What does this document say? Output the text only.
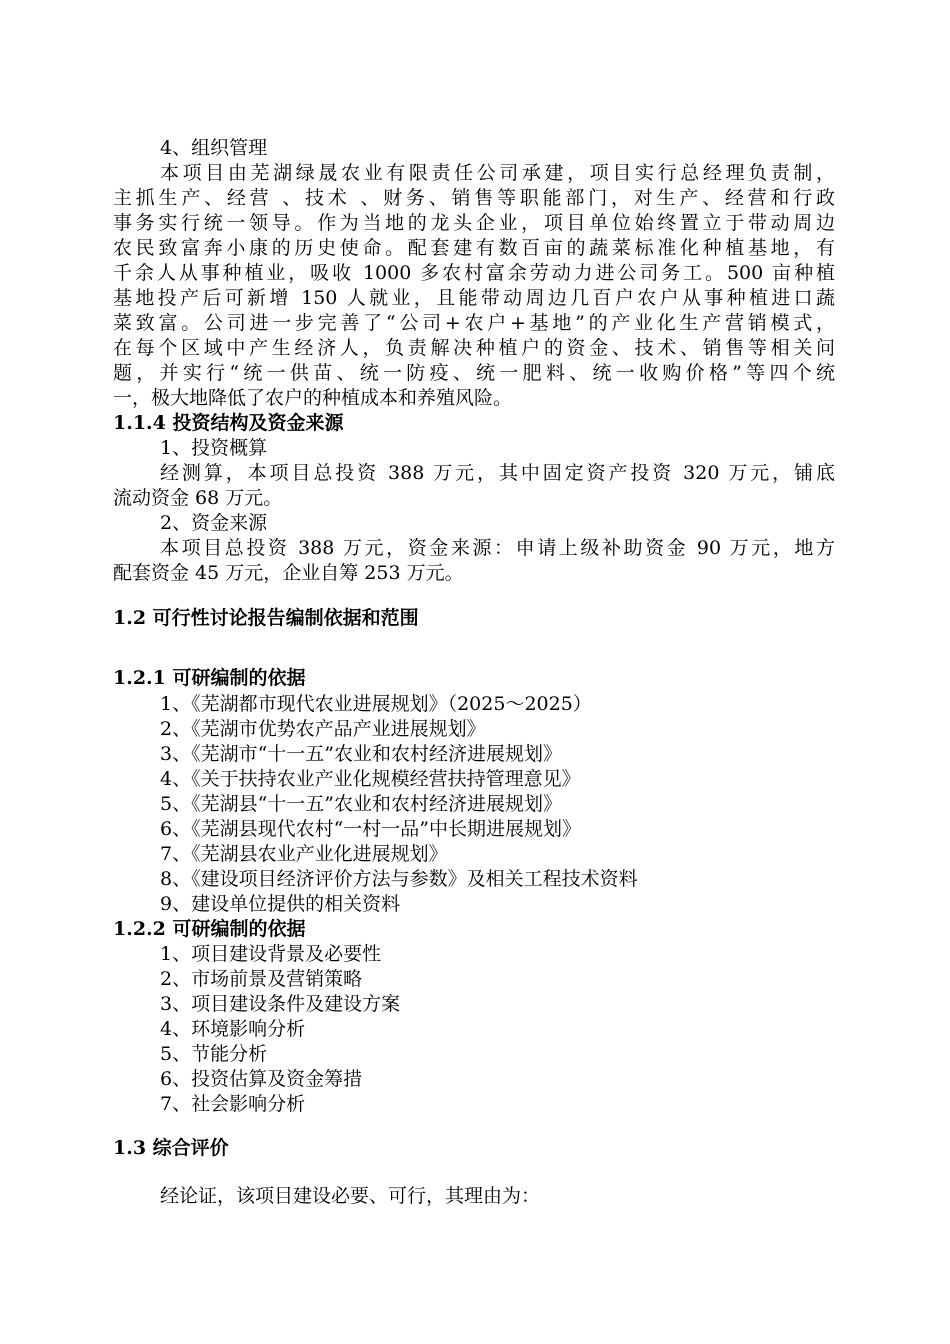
4、组织管理
本项目由芜湖绿晟农业有限责任公司承建，项目实行总经理负责制，
主抓生产、经营 、技术 、财务、销售等职能部门，对生产、经营和行政
事务实行统一领导。作为当地的龙头企业，项目单位始终置立于带动周边
农民致富奔小康的历史使命。配套建有数百亩的蔬菜标准化种植基地，有
千余人从事种植业，吸收 1000 多农村富余劳动力进公司务工。500 亩种植
基地投产后可新增 150 人就业，且能带动周边几百户农户从事种植进口蔬
菜致富。公司进一步完善了“公司+农户+基地”的产业化生产营销模式，
在每个区域中产生经济人，负责解决种植户的资金、技术、销售等相关问
题，并实行“统一供苗、统一防疫、统一肥料、统一收购价格”等四个统
一，极大地降低了农户的种植成本和养殖风险。
1.1.4 投资结构及资金来源
1、投资概算
经测算，本项目总投资 388 万元，其中固定资产投资 320 万元，铺底
流动资金 68 万元。
2、资金来源
本项目总投资 388 万元，资金来源：申请上级补助资金 90 万元，地方
配套资金 45 万元，企业自筹 253 万元。
1.2 可行性讨论报告编制依据和范围
1.2.1 可研编制的依据
1、《芜湖都市现代农业进展规划》（2025～2025）
2、《芜湖市优势农产品产业进展规划》
3、《芜湖市“十一五”农业和农村经济进展规划》
4、《关于扶持农业产业化规模经营扶持管理意见》
5、《芜湖县“十一五”农业和农村经济进展规划》
6、《芜湖县现代农村“一村一品”中长期进展规划》
7、《芜湖县农业产业化进展规划》
8、《建设项目经济评价方法与参数》及相关工程技术资料
9、建设单位提供的相关资料
1.2.2 可研编制的依据
1、项目建设背景及必要性
2、市场前景及营销策略
3、项目建设条件及建设方案
4、环境影响分析
5、节能分析
6、投资估算及资金筹措
7、社会影响分析
1.3 综合评价
经论证，该项目建设必要、可行，其理由为：
